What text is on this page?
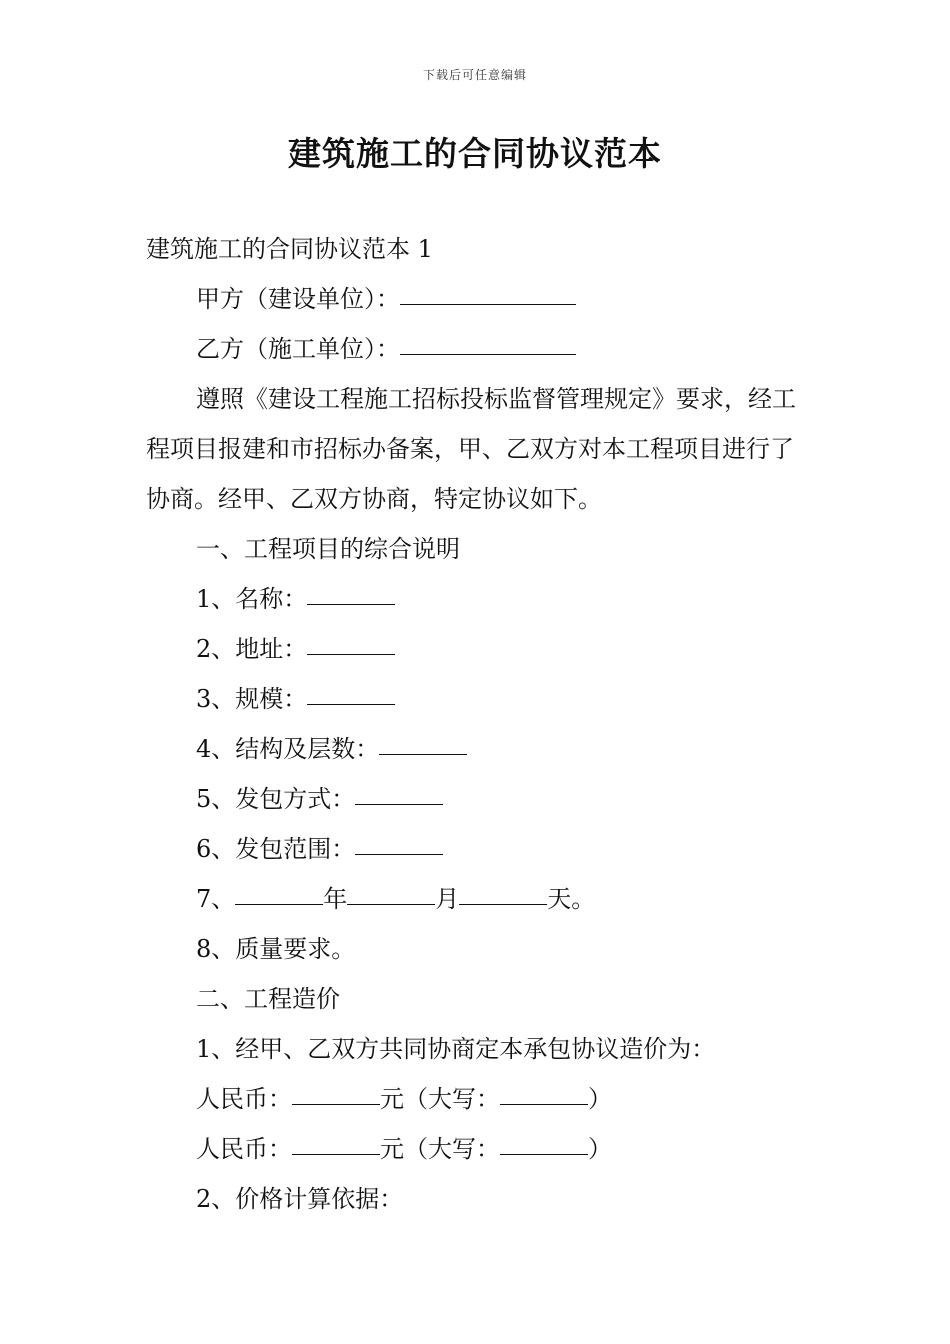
下载后可任意编辑
建筑施工的合同协议范本
建筑施工的合同协议范本 1
甲方（建设单位）：
乙方（施工单位）：
遵照《建设工程施工招标投标监督管理规定》要求，经工程项目报建和市招标办备案，甲、乙双方对本工程项目进行了协商。经甲、乙双方协商，特定协议如下。
一、工程项目的综合说明
1、名称：
2、地址：
3、规模：
4、结构及层数：
5、发包方式：
6、发包范围：
7、	年	月	天。
8、质量要求。
二、工程造价
1、经甲、乙双方共同协商定本承包协议造价为：
人民币：	元（大写：	）
人民币：	元（大写：	）
2、价格计算依据：
